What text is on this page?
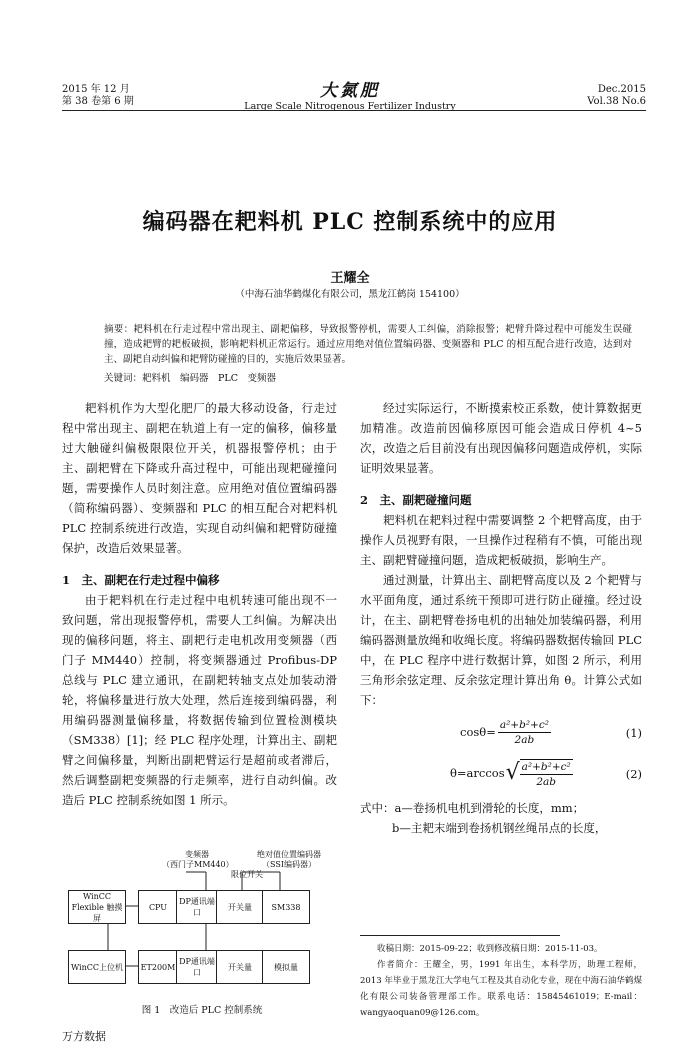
2015 年 12 月
第 38 卷第 6 期
大氮肥
Large Scale Nitrogenous Fertilizer Industry
Dec.2015
Vol.38 No.6
编码器在耙料机 PLC 控制系统中的应用
王耀全
（中海石油华鹤煤化有限公司，黑龙江鹤岗 154100）
摘要：耙料机在行走过程中常出现主、副耙偏移，导致报警停机，需要人工纠偏，消除报警；耙臂升降过程中可能发生误碰撞，造成耙臂的耙板破损，影响耙料机正常运行。通过应用绝对值位置编码器、变频器和 PLC 的相互配合进行改造，达到对主、副耙自动纠偏和耙臂防碰撞的目的，实施后效果显著。
关键词：耙料机　编码器　PLC　变频器

耙料机作为大型化肥厂的最大移动设备，行走过程中常出现主、副耙在轨道上有一定的偏移，偏移量过大触碰纠偏极限限位开关，机器报警停机；由于主、副耙臂在下降或升高过程中，可能出现耙碰撞问题，需要操作人员时刻注意。应用绝对值位置编码器（简称编码器）、变频器和 PLC 的相互配合对耙料机 PLC 控制系统进行改造，实现自动纠偏和耙臂防碰撞保护，改造后效果显著。

1　主、副耙在行走过程中偏移

由于耙料机在行走过程中电机转速可能出现不一致问题，常出现报警停机，需要人工纠偏。为解决出现的偏移问题，将主、副耙行走电机改用变频器（西门子 MM440）控制，将变频器通过 Profibus-DP 总线与 PLC 建立通讯，在副耙转轴支点处加装动滑轮，将偏移量进行放大处理，然后连接到编码器，利用编码器测量偏移量，将数据传输到位置检测模块（SM338）[1]；经 PLC 程序处理，计算出主、副耙臂之间偏移量，判断出副耙臂运行是超前或者滞后，然后调整副耙变频器的行走频率，进行自动纠偏。改造后 PLC 控制系统如图 1 所示。

变频器
（西门子MM440）
绝对值位置编码器
（SSI编码器）
限位开关
WinCC Flexible 触摸屏
CPU
DP通讯端口
开关量	SM338
WinCC上位机	ET200M
DP通讯端口
开关量	模拟量
图 1　改造后 PLC 控制系统

经过实际运行，不断摸索校正系数，使计算数据更加精准。改造前因偏移原因可能会造成日停机 4~5 次，改造之后目前没有出现因偏移问题造成停机，实际证明效果显著。

2　主、副耙碰撞问题

耙料机在耙料过程中需要调整 2 个耙臂高度，由于操作人员视野有限，一旦操作过程稍有不慎，可能出现主、副耙臂碰撞问题，造成耙板破损，影响生产。

通过测量，计算出主、副耙臂高度以及 2 个耙臂与水平面角度，通过系统干预即可进行防止碰撞。经过设计，在主、副耙臂卷扬电机的出轴处加装编码器，利用编码器测量放绳和收绳长度。将编码器数据传输回 PLC 中，在 PLC 程序中进行数据计算，如图 2 所示，利用三角形余弦定理、反余弦定理计算出角 θ。计算公式如下：

$\cos\theta= \frac{\text{a²+b²+c²}}{2ab}$	(1)
θ=arccos √ $\frac{\text{a²+b²+c²}}{2ab}$	(2)
式中：a—卷扬机电机到滑轮的长度，mm；
b—主耙末端到卷扬机钢丝绳吊点的长度，
收稿日期：2015-09-22；收到修改稿日期：2015-11-03。
作者简介：王耀全，男，1991 年出生，本科学历，助理工程师，2013 年毕业于黑龙江大学电气工程及其自动化专业，现在中海石油华鹤煤化有限公司装备管理部工作。联系电话：15845461019；E-mail：wangyaoquan09@126.com。
万方数据
